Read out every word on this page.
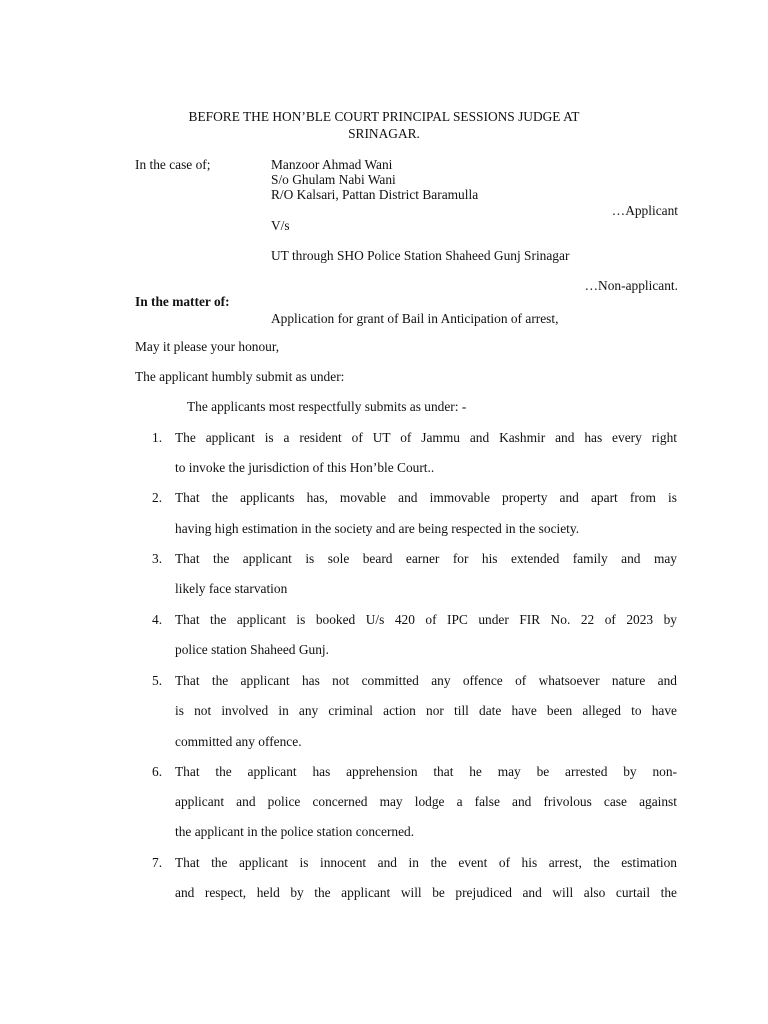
BEFORE THE HON’BLE COURT PRINCIPAL SESSIONS JUDGE AT
SRINAGAR.
In the case of;	Manzoor Ahmad Wani
S/o Ghulam Nabi Wani
R/O Kalsari, Pattan District Baramulla
…Applicant
V/s
UT through SHO Police Station Shaheed Gunj Srinagar
…Non-applicant.
In the matter of:
Application for grant of Bail in Anticipation of arrest,
May it please your honour,
The applicant humbly submit as under:
The applicants most respectfully submits as under: -
1. The applicant is a resident of UT of Jammu and Kashmir and has every right
to invoke the jurisdiction of this Hon’ble Court..
2. That the applicants has, movable and immovable property and apart from is
having high estimation in the society and are being respected in the society.
3. That the applicant is sole beard earner for his extended family and may
likely face starvation
4. That the applicant is booked U/s 420 of IPC under FIR No. 22 of 2023 by
police station Shaheed Gunj.
5. That the applicant has not committed any offence of whatsoever nature and
is not involved in any criminal action nor till date have been alleged to have
committed any offence.
6. That the applicant has apprehension that he may be arrested by non-
applicant and police concerned may lodge a false and frivolous case against
the applicant in the police station concerned.
7. That the applicant is innocent and in the event of his arrest, the estimation
and respect, held by the applicant will be prejudiced and will also curtail the
